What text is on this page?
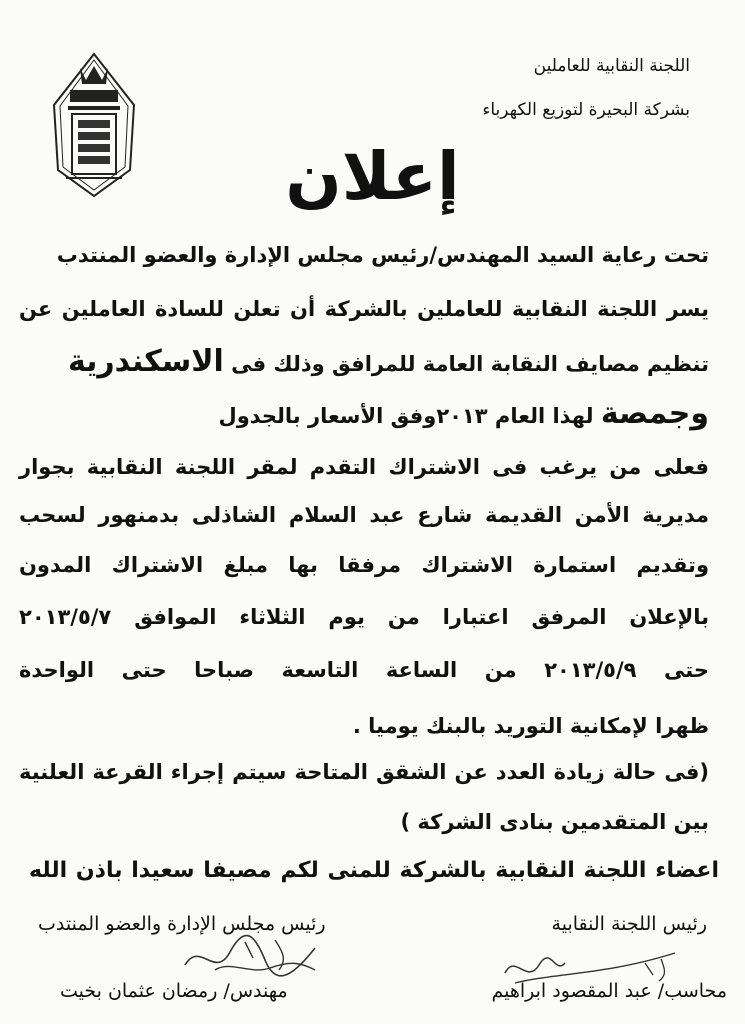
اللجنة النقابية للعاملين
بشركة البحيرة لتوزيع الكهرباء
إعلان
تحت رعاية السيد المهندس/رئيس مجلس الإدارة والعضو المنتدب
يسر اللجنة النقابية للعاملين بالشركة أن تعلن للسادة العاملين عن
تنظيم مصايف النقابة العامة للمرافق وذلك فى الاسكندرية
وجمصة لهذا العام ٢٠١٣وفق الأسعار بالجدول
فعلى من يرغب فى الاشتراك التقدم لمقر اللجنة النقابية بجوار
مديرية الأمن القديمة شارع عبد السلام الشاذلى بدمنهور لسحب
وتقديم استمارة الاشتراك مرفقا بها مبلغ الاشتراك المدون
بالإعلان المرفق اعتبارا من يوم الثلاثاء الموافق ٢٠١٣/٥/٧
حتى ٢٠١٣/٥/٩ من الساعة التاسعة صباحا حتى الواحدة
ظهرا لإمكانية التوريد بالبنك يوميا .
(فى حالة زيادة العدد عن الشقق المتاحة سيتم إجراء القرعة العلنية
بين المتقدمين بنادى الشركة )
اعضاء اللجنة النقابية بالشركة للمنى لكم مصيفا سعيدا باذن الله
رئيس مجلس الإدارة والعضو المنتدب	رئيس اللجنة النقابية
مهندس/ رمضان عثمان بخيت	محاسب/ عبد المقصود ابراهيم
